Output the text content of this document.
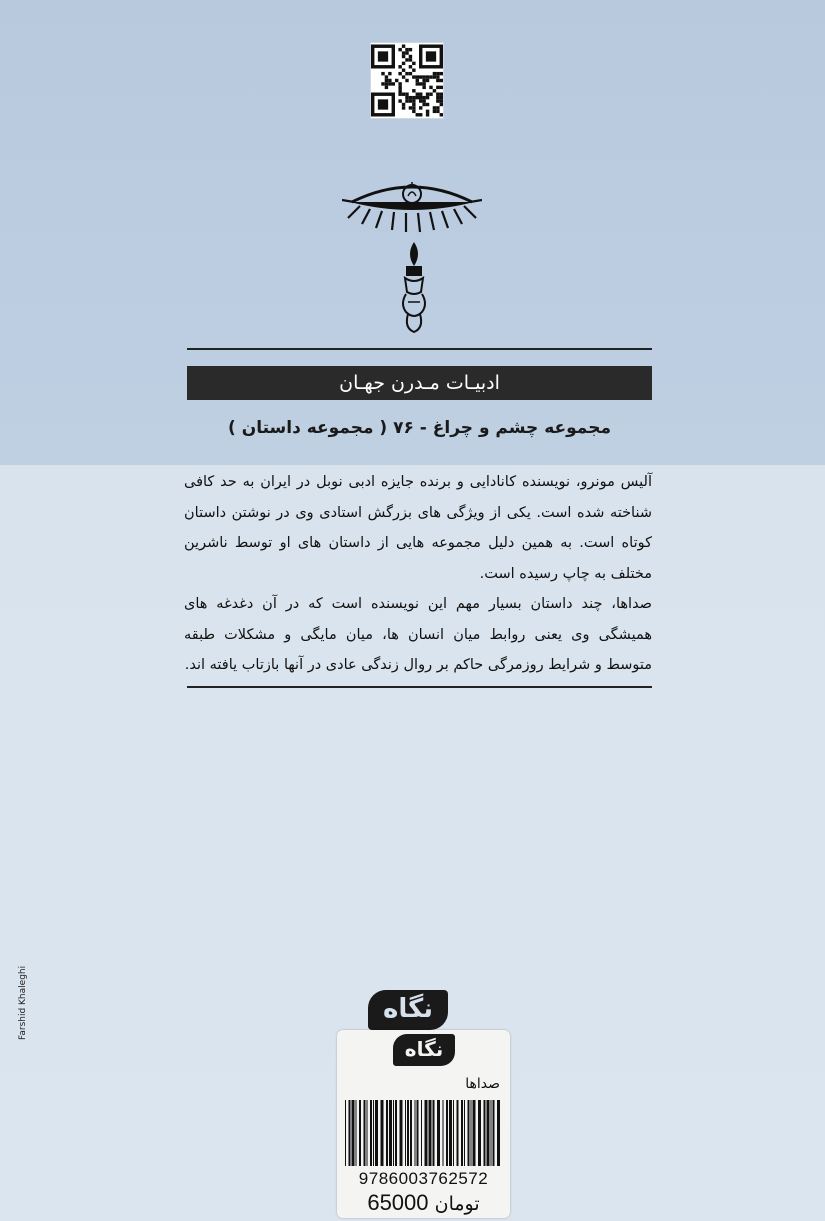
ادبیـات مـدرن جهـان
مجموعه چشم و چراغ - ۷۶ ( مجموعه داستان )

آلیس مونرو، نویسنده کانادایی و برنده جایزه ادبی نوبل در ایران به حد کافی شناخته شده است. یکی از ویژگی های بزرگش استادی وی در نوشتن داستان کوتاه است. به همین دلیل مجموعه هایی از داستان های او توسط ناشرین مختلف به چاپ رسیده است.

صداها، چند داستان بسیار مهم این نویسنده است که در آن دغدغه های همیشگی وی یعنی روابط میان انسان ها، میان مایگی و مشکلات طبقه متوسط و شرایط روزمرگی حاکم بر روال زندگی عادی در آنها بازتاب یافته اند.

Farshid Khaleghi	نگاه
نگاه
صداها
9786003762572
65000 تومان
